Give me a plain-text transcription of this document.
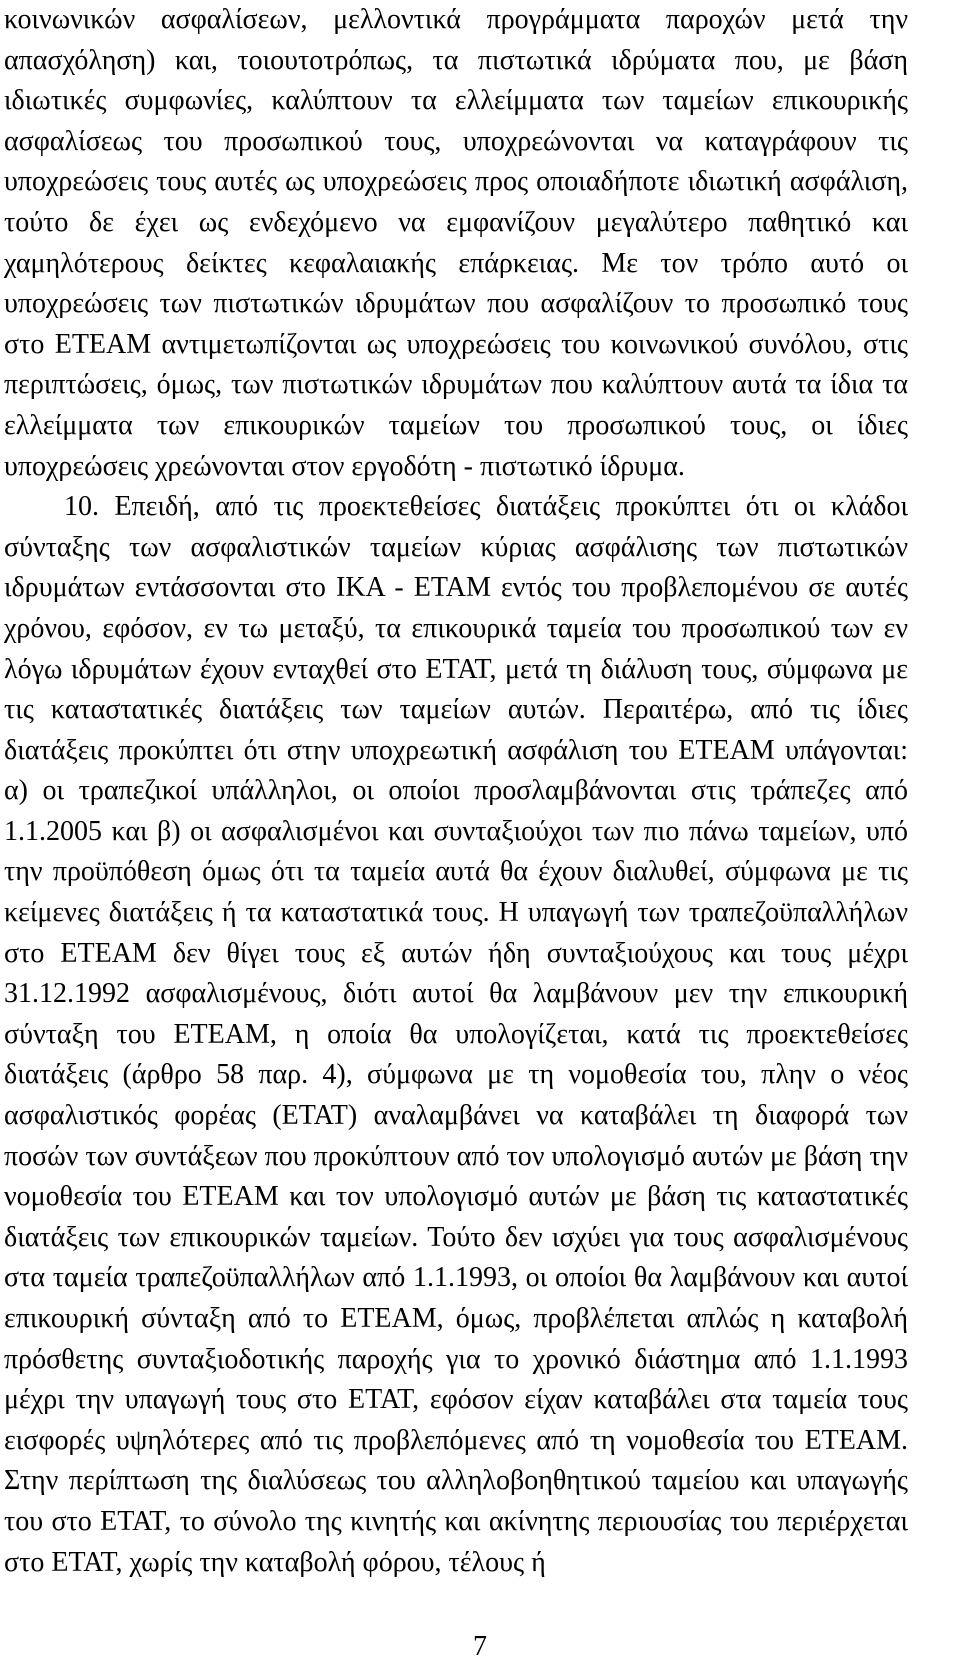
κοινωνικών ασφαλίσεων, μελλοντικά προγράμματα παροχών μετά την απασχόληση) και, τοιουτοτρόπως, τα πιστωτικά ιδρύματα που, με βάση ιδιωτικές συμφωνίες, καλύπτουν τα ελλείμματα των ταμείων επικουρικής ασφαλίσεως του προσωπικού τους, υποχρεώνονται να καταγράφουν τις υποχρεώσεις τους αυτές ως υποχρεώσεις προς οποιαδήποτε ιδιωτική ασφάλιση, τούτο δε έχει ως ενδεχόμενο να εμφανίζουν μεγαλύτερο παθητικό και χαμηλότερους δείκτες κεφαλαιακής επάρκειας. Με τον τρόπο αυτό οι υποχρεώσεις των πιστωτικών ιδρυμάτων που ασφαλίζουν το προσωπικό τους στο ΕΤΕΑΜ αντιμετωπίζονται ως υποχρεώσεις του κοινωνικού συνόλου, στις περιπτώσεις, όμως, των πιστωτικών ιδρυμάτων που καλύπτουν αυτά τα ίδια τα ελλείμματα των επικουρικών ταμείων του προσωπικού τους, οι ίδιες υποχρεώσεις χρεώνονται στον εργοδότη - πιστωτικό ίδρυμα.

10. Επειδή, από τις προεκτεθείσες διατάξεις προκύπτει ότι οι κλάδοι σύνταξης των ασφαλιστικών ταμείων κύριας ασφάλισης των πιστωτικών ιδρυμάτων εντάσσονται στο ΙΚΑ - ΕΤΑΜ εντός του προβλεπομένου σε αυτές χρόνου, εφόσον, εν τω μεταξύ, τα επικουρικά ταμεία του προσωπικού των εν λόγω ιδρυμάτων έχουν ενταχθεί στο ΕΤΑΤ, μετά τη διάλυση τους, σύμφωνα με τις καταστατικές διατάξεις των ταμείων αυτών. Περαιτέρω, από τις ίδιες διατάξεις προκύπτει ότι στην υποχρεωτική ασφάλιση του ΕΤΕΑΜ υπάγονται: α) οι τραπεζικοί υπάλληλοι, οι οποίοι προσλαμβάνονται στις τράπεζες από 1.1.2005 και β) οι ασφαλισμένοι και συνταξιούχοι των πιο πάνω ταμείων, υπό την προϋπόθεση όμως ότι τα ταμεία αυτά θα έχουν διαλυθεί, σύμφωνα με τις κείμενες διατάξεις ή τα καταστατικά τους. Η υπαγωγή των τραπεζοϋπαλλήλων στο ΕΤΕΑΜ δεν θίγει τους εξ αυτών ήδη συνταξιούχους και τους μέχρι 31.12.1992 ασφαλισμένους, διότι αυτοί θα λαμβάνουν μεν την επικουρική σύνταξη του ΕΤΕΑΜ, η οποία θα υπολογίζεται, κατά τις προεκτεθείσες διατάξεις (άρθρο 58 παρ. 4), σύμφωνα με τη νομοθεσία του, πλην ο νέος ασφαλιστικός φορέας (ΕΤΑΤ) αναλαμβάνει να καταβάλει τη διαφορά των ποσών των συντάξεων που προκύπτουν από τον υπολογισμό αυτών με βάση την νομοθεσία του ΕΤΕΑΜ και τον υπολογισμό αυτών με βάση τις καταστατικές διατάξεις των επικουρικών ταμείων. Τούτο δεν ισχύει για τους ασφαλισμένους στα ταμεία τραπεζοϋπαλλήλων από 1.1.1993, οι οποίοι θα λαμβάνουν και αυτοί επικουρική σύνταξη από το ΕΤΕΑΜ, όμως, προβλέπεται απλώς η καταβολή πρόσθετης συνταξιοδοτικής παροχής για το χρονικό διάστημα από 1.1.1993 μέχρι την υπαγωγή τους στο ΕΤΑΤ, εφόσον είχαν καταβάλει στα ταμεία τους εισφορές υψηλότερες από τις προβλεπόμενες από τη νομοθεσία του ΕΤΕΑΜ. Στην περίπτωση της διαλύσεως του αλληλοβοηθητικού ταμείου και υπαγωγής του στο ΕΤΑΤ, το σύνολο της κινητής και ακίνητης περιουσίας του περιέρχεται στο ΕΤΑΤ, χωρίς την καταβολή φόρου, τέλους ή

7
